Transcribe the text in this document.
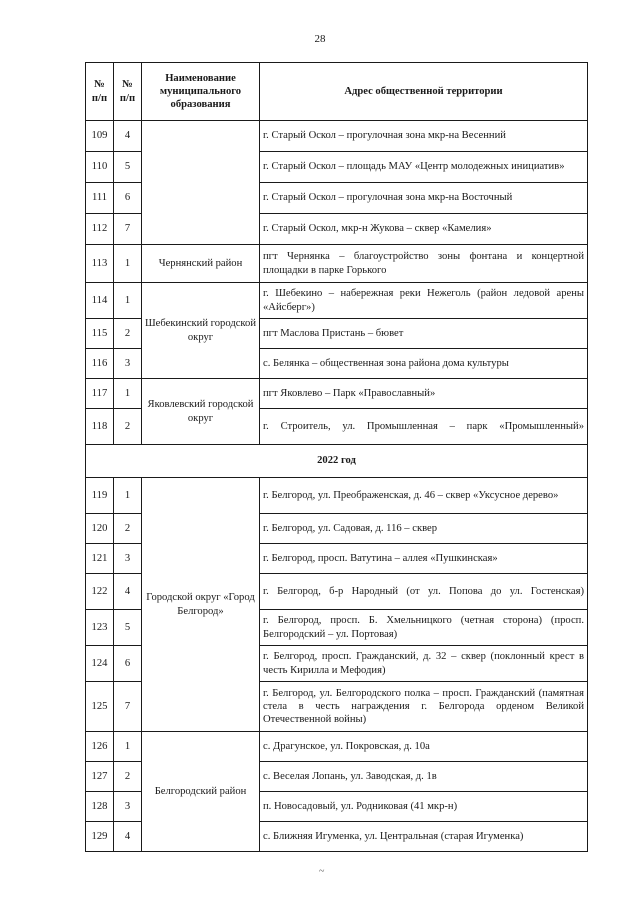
28
№ п/п	№ п/п	Наименование муниципального образования	Адрес общественной территории
109	4		г. Старый Оскол – прогулочная зона мкр-на Весенний
110	5		г. Старый Оскол – площадь МАУ «Центр молодежных инициатив»
111	6		г. Старый Оскол – прогулочная зона мкр-на Восточный
112	7		г. Старый Оскол, мкр-н Жукова – сквер «Камелия»
113	1	Чернянский район	пгт Чернянка – благоустройство зоны фонтана и концертной площадки в парке Горького
114	1	Шебекинский городской округ	г. Шебекино – набережная реки Нежеголь (район ледовой арены «Айсберг»)
115	2		пгт Маслова Пристань – бювет
116	3		с. Белянка – общественная зона района дома культуры
117	1	Яковлевский городской округ	пгт Яковлево – Парк «Православный»
118	2		г. Строитель, ул. Промышленная – парк «Промышленный»
2022 год			
119	1	Городской округ «Город Белгород»	г. Белгород, ул. Преображенская, д. 46 – сквер «Уксусное дерево»
120	2		г. Белгород, ул. Садовая, д. 116 – сквер
121	3		г. Белгород, просп. Ватутина – аллея «Пушкинская»
122	4		г. Белгород, б-р Народный (от ул. Попова до ул. Гостенская)
123	5		г. Белгород, просп. Б. Хмельницкого (четная сторона) (просп. Белгородский – ул. Портовая)
124	6		г. Белгород, просп. Гражданский, д. 32 – сквер (поклонный крест в честь Кирилла и Мефодия)
125	7		г. Белгород, ул. Белгородского полка – просп. Гражданский (памятная стела в честь награждения г. Белгорода орденом Великой Отечественной войны)
126	1	Белгородский район	с. Драгунское, ул. Покровская, д. 10а
127	2		с. Веселая Лопань, ул. Заводская, д. 1в
128	3		п. Новосадовый, ул. Родниковая (41 мкр-н)
129	4		с. Ближняя Игуменка, ул. Центральная (старая Игуменка)
~
